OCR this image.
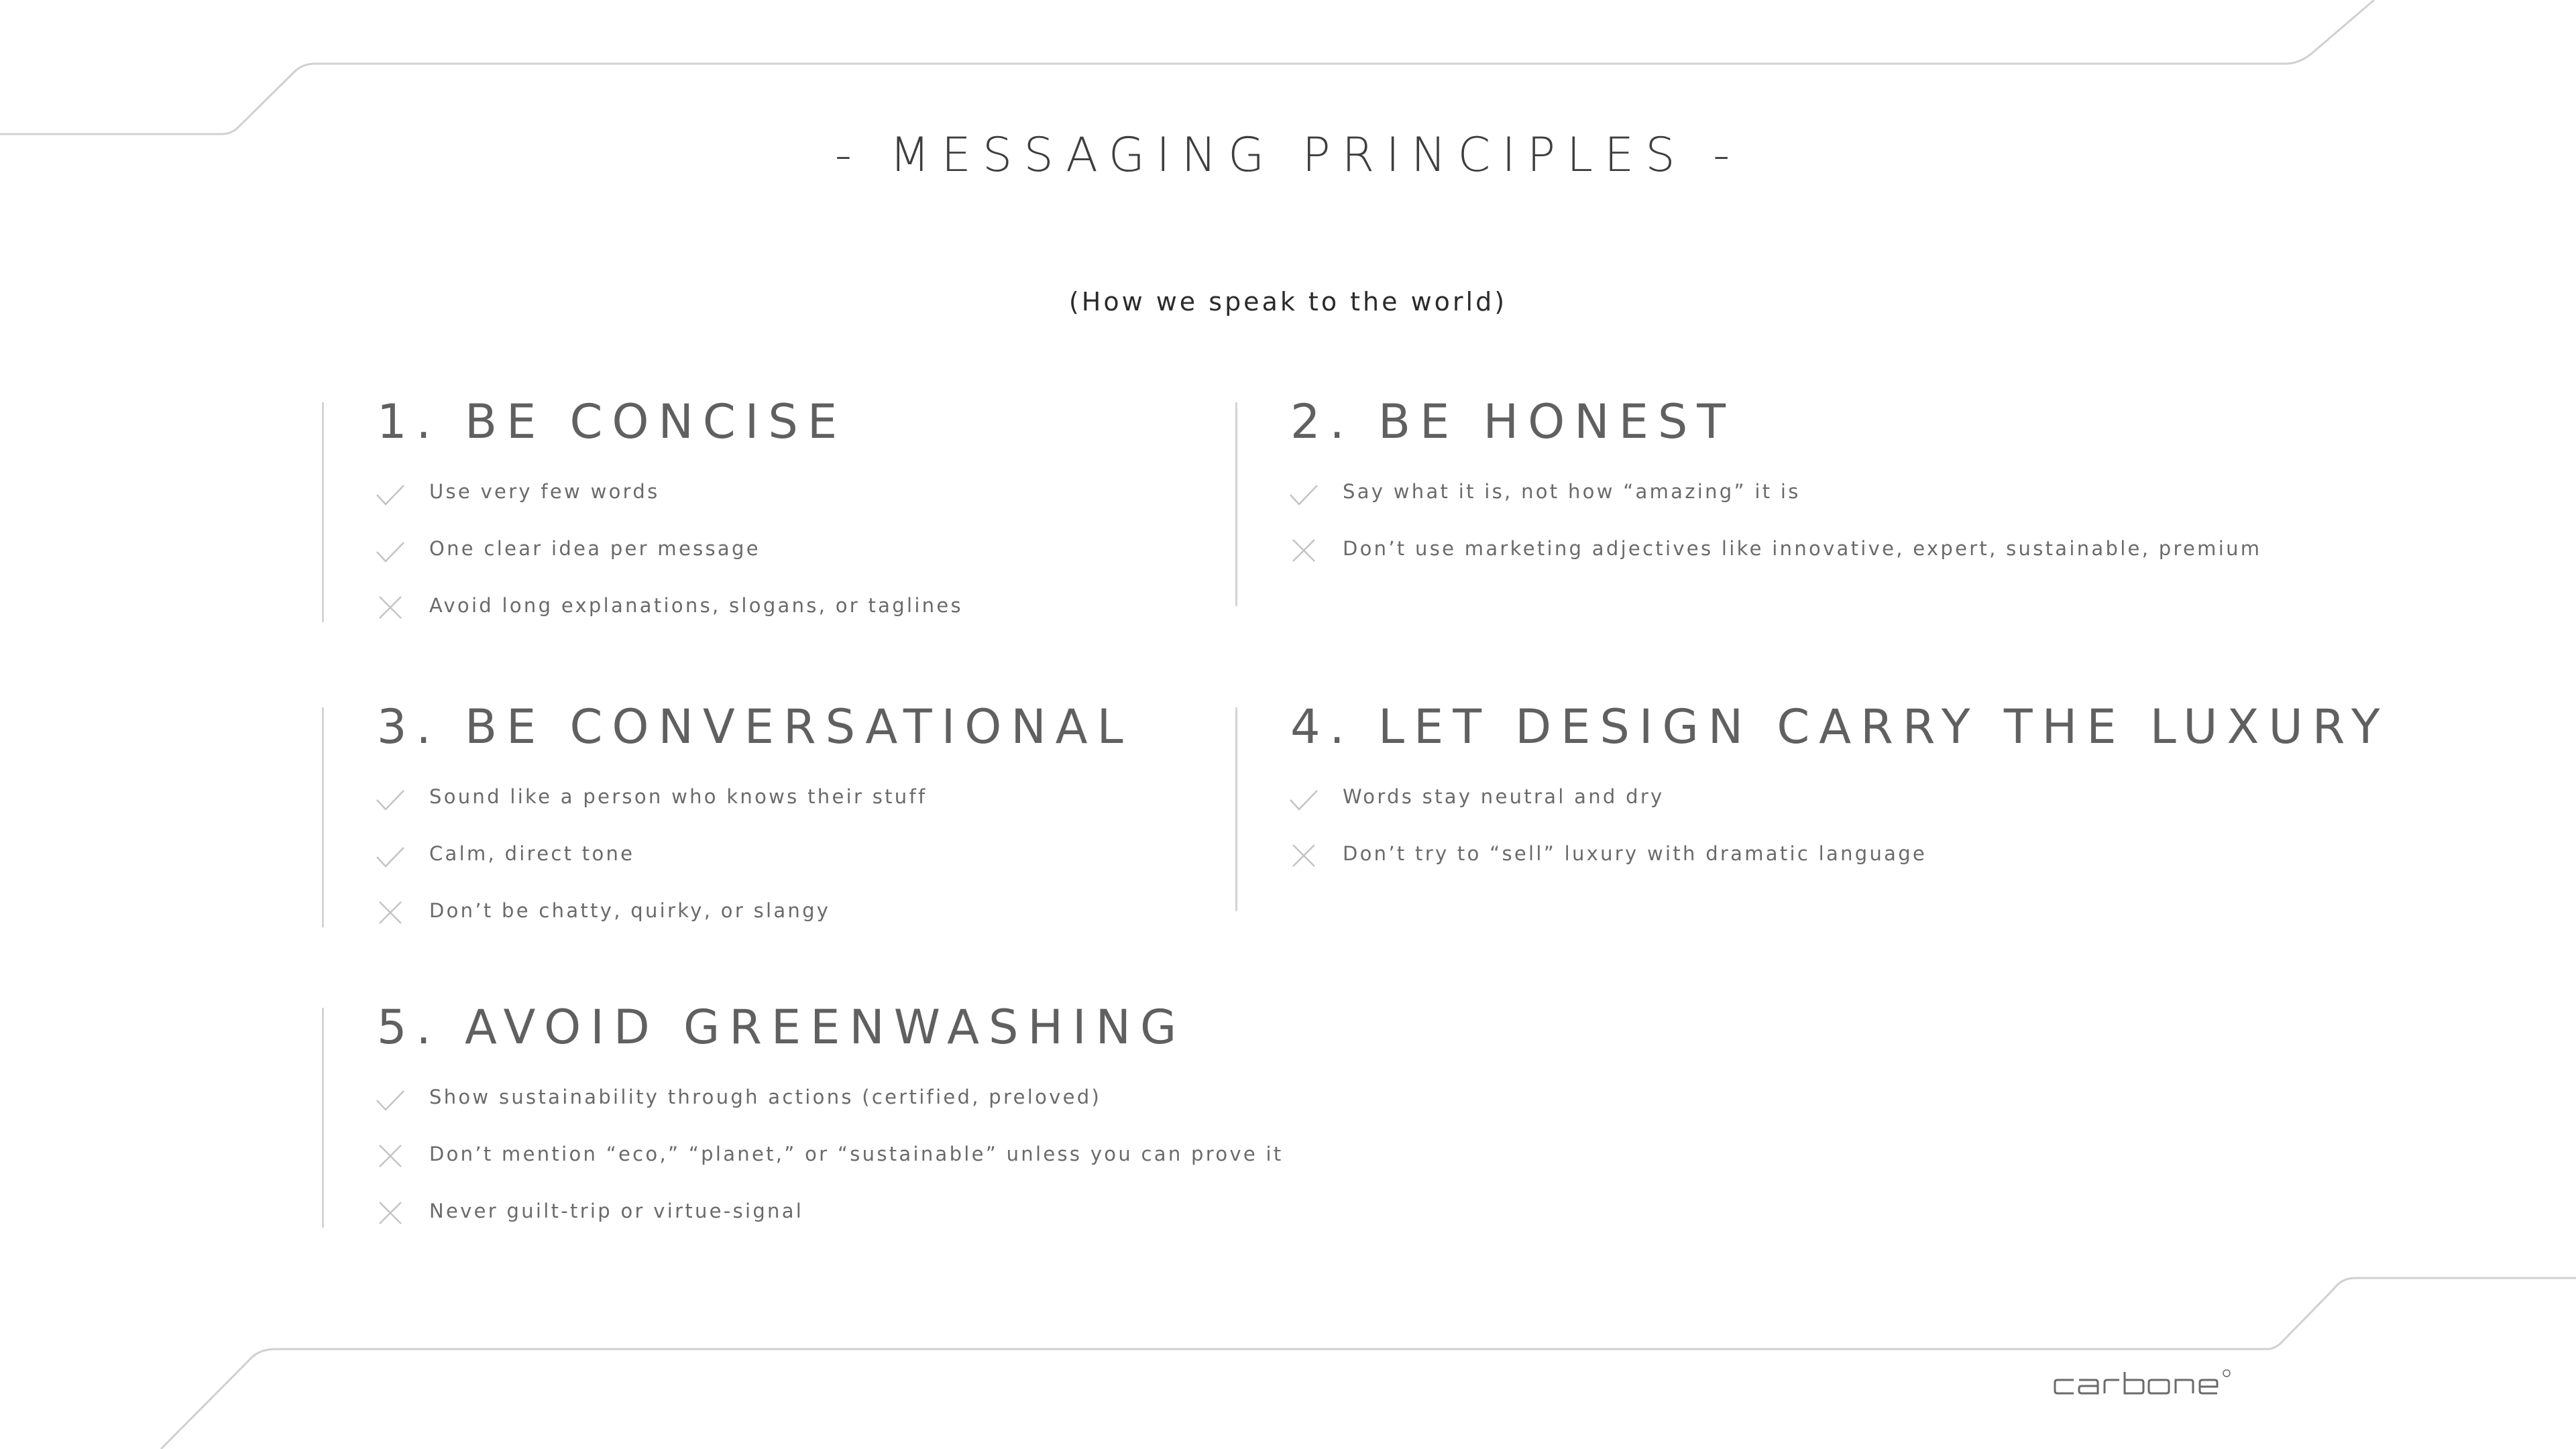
- MESSAGING PRINCIPLES -
(How we speak to the world)
1. BE CONCISE
Use very few words
One clear idea per message
Avoid long explanations, slogans, or taglines
2. BE HONEST
Say what it is, not how “amazing” it is
Don’t use marketing adjectives like innovative, expert, sustainable, premium
3. BE CONVERSATIONAL
Sound like a person who knows their stuff
Calm, direct tone
Don’t be chatty, quirky, or slangy
4. LET DESIGN CARRY THE LUXURY
Words stay neutral and dry
Don’t try to “sell” luxury with dramatic language
5. AVOID GREENWASHING
Show sustainability through actions (certified, preloved)
Don’t mention “eco,” “planet,” or “sustainable” unless you can prove it
Never guilt-trip or virtue-signal
